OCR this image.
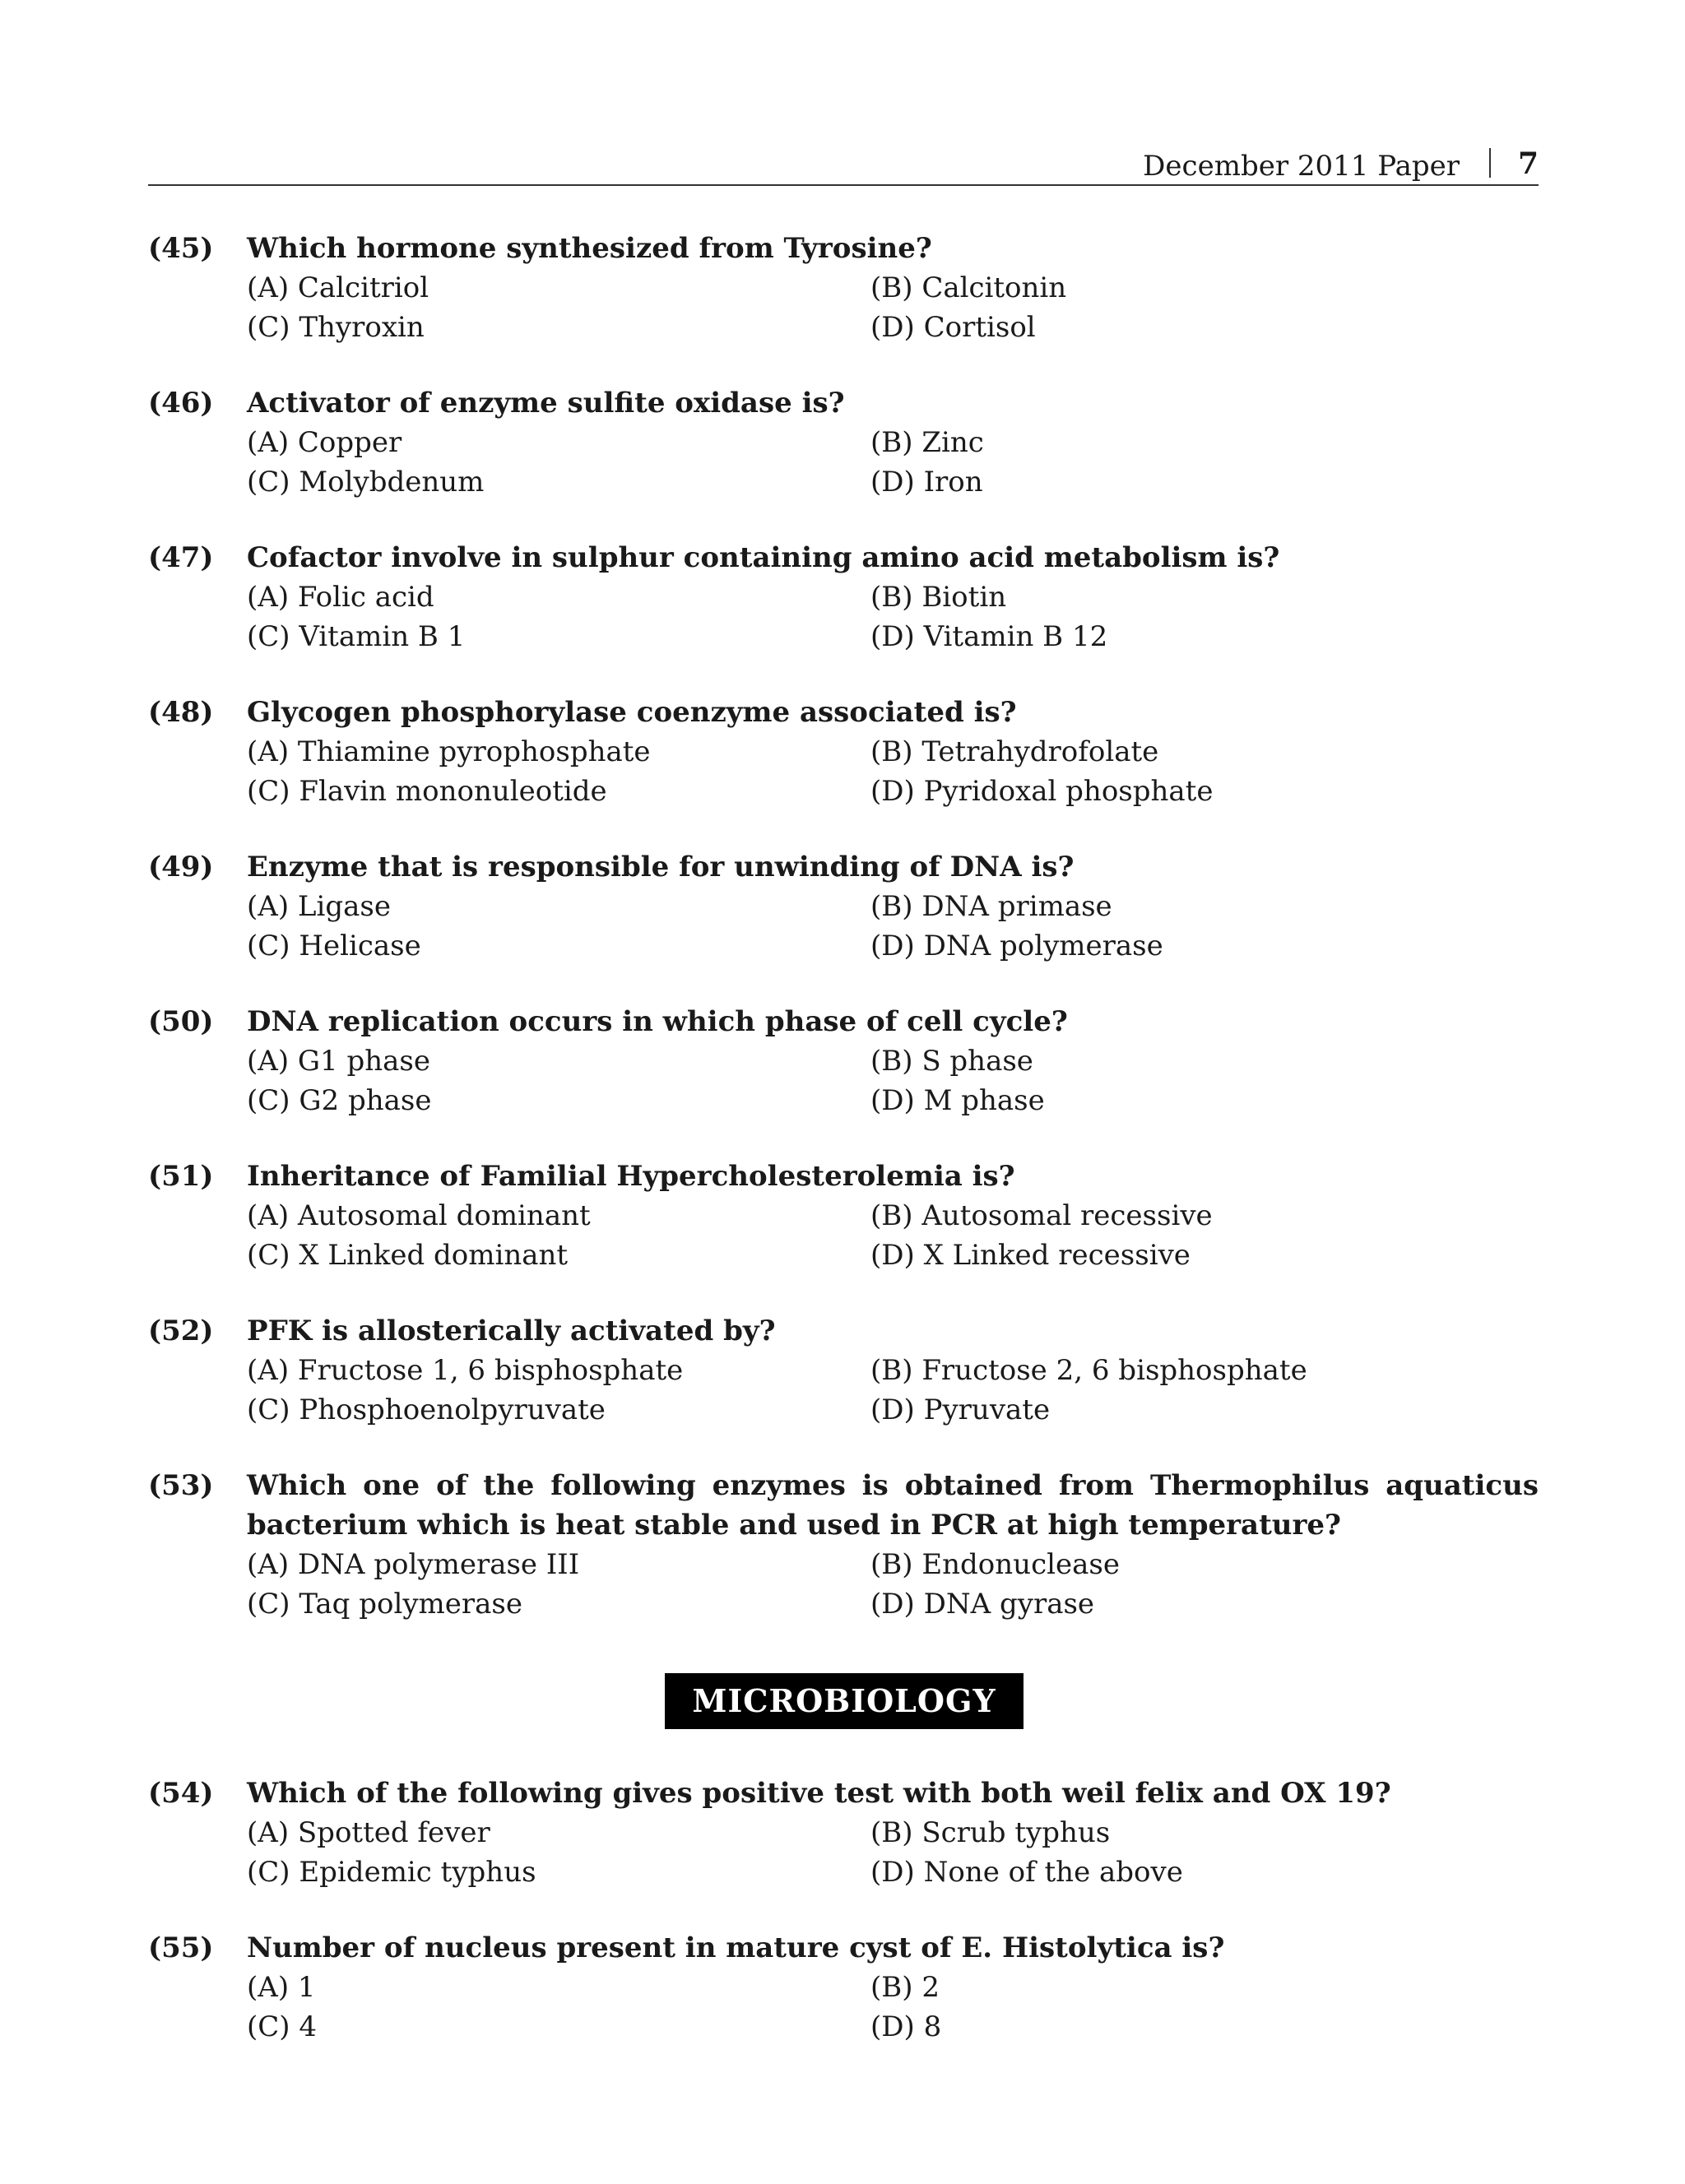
December 2011 Paper 7
(45) Which hormone synthesized from Tyrosine?
(A) Calcitriol	(B) Calcitonin
(C) Thyroxin	(D) Cortisol
(46) Activator of enzyme sulfite oxidase is?
(A) Copper	(B) Zinc
(C) Molybdenum	(D) Iron
(47) Cofactor involve in sulphur containing amino acid metabolism is?
(A) Folic acid	(B) Biotin
(C) Vitamin B 1	(D) Vitamin B 12
(48) Glycogen phosphorylase coenzyme associated is?
(A) Thiamine pyrophosphate	(B) Tetrahydrofolate
(C) Flavin mononuleotide	(D) Pyridoxal phosphate
(49) Enzyme that is responsible for unwinding of DNA is?
(A) Ligase	(B) DNA primase
(C) Helicase	(D) DNA polymerase
(50) DNA replication occurs in which phase of cell cycle?
(A) G1 phase	(B) S phase
(C) G2 phase	(D) M phase
(51) Inheritance of Familial Hypercholesterolemia is?
(A) Autosomal dominant	(B) Autosomal recessive
(C) X Linked dominant	(D) X Linked recessive
(52) PFK is allosterically activated by?
(A) Fructose 1, 6 bisphosphate	(B) Fructose 2, 6 bisphosphate
(C) Phosphoenolpyruvate	(D) Pyruvate
(53) Which one of the following enzymes is obtained from Thermophilus aquaticus bacterium which is heat stable and used in PCR at high temperature?
(A) DNA polymerase III	(B) Endonuclease
(C) Taq polymerase	(D) DNA gyrase
MICROBIOLOGY
(54) Which of the following gives positive test with both weil felix and OX 19?
(A) Spotted fever	(B) Scrub typhus
(C) Epidemic typhus	(D) None of the above
(55) Number of nucleus present in mature cyst of E. Histolytica is?
(A) 1	(B) 2
(C) 4	(D) 8
